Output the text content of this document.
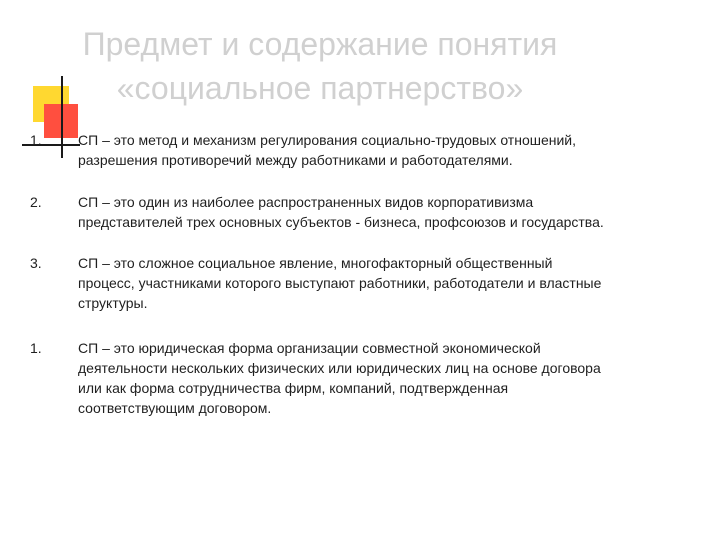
Предмет и содержание понятия
«социальное партнерство»
1.	СП – это метод и механизм регулирования социально-трудовых отношений, разрешения противоречий между работниками и работодателями.
2.	СП – это один из наиболее распространенных видов корпоративизма представителей трех основных субъектов - бизнеса, профсоюзов и государства.
3.	СП – это сложное социальное явление, многофакторный общественный процесс, участниками которого выступают работники, работодатели и властные структуры.
1.	СП – это юридическая форма организации совместной экономической деятельности нескольких физических или юридических лиц на основе договора или как форма сотрудничества фирм, компаний, подтвержденная соответствующим договором.
